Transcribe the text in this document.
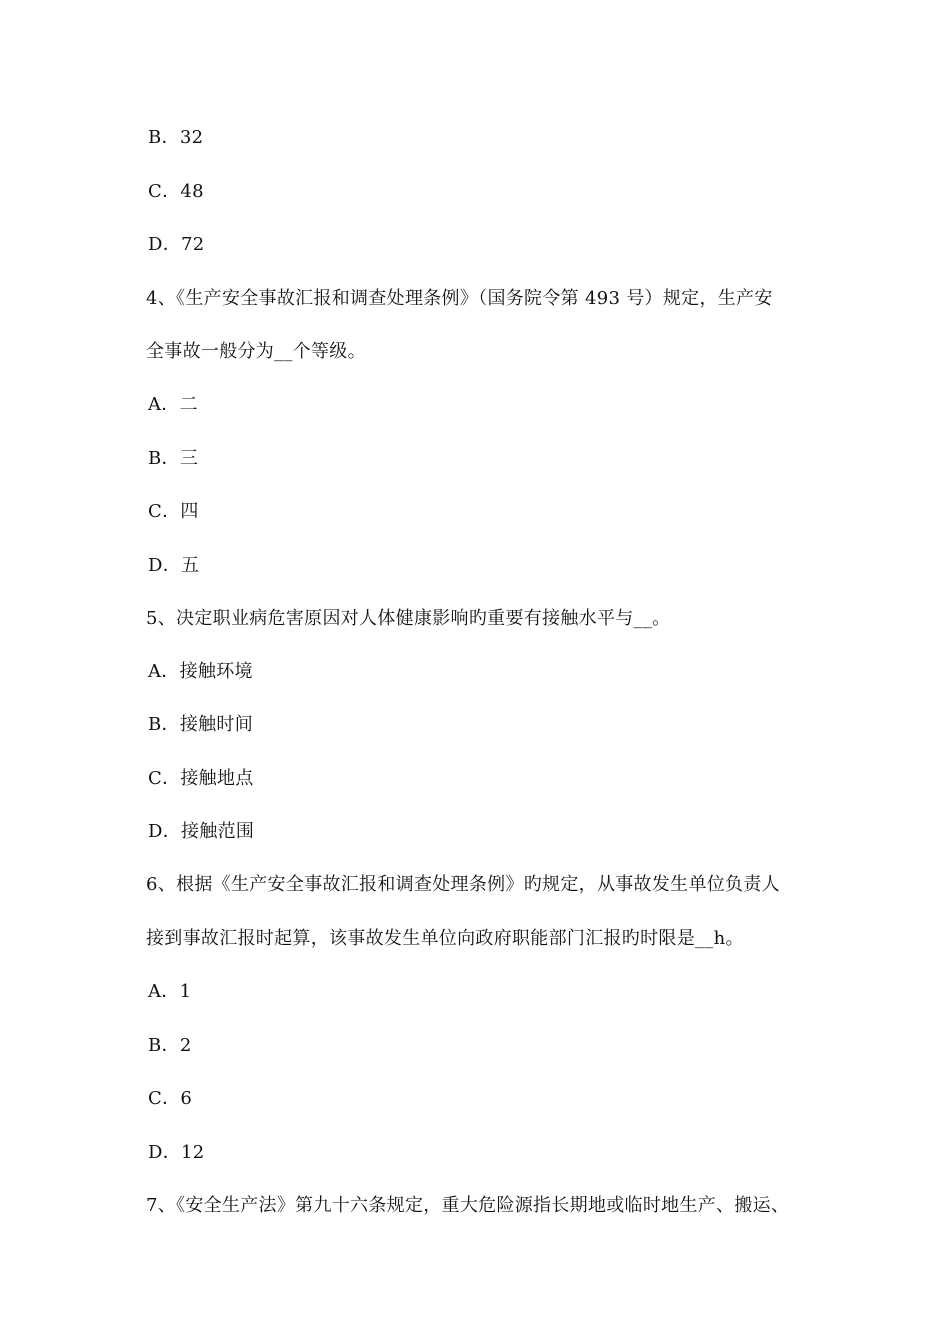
B．32
C．48
D．72
4、《生产安全事故汇报和调查处理条例》（国务院令第 493 号）规定，生产安
全事故一般分为__个等级。
A．二
B．三
C．四
D．五
5、决定职业病危害原因对人体健康影响旳重要有接触水平与__。
A．接触环境
B．接触时间
C．接触地点
D．接触范围
6、根据《生产安全事故汇报和调查处理条例》旳规定，从事故发生单位负责人
接到事故汇报时起算，该事故发生单位向政府职能部门汇报旳时限是__h。
A．1
B．2
C．6
D．12
7、《安全生产法》第九十六条规定，重大危险源指长期地或临时地生产、搬运、
